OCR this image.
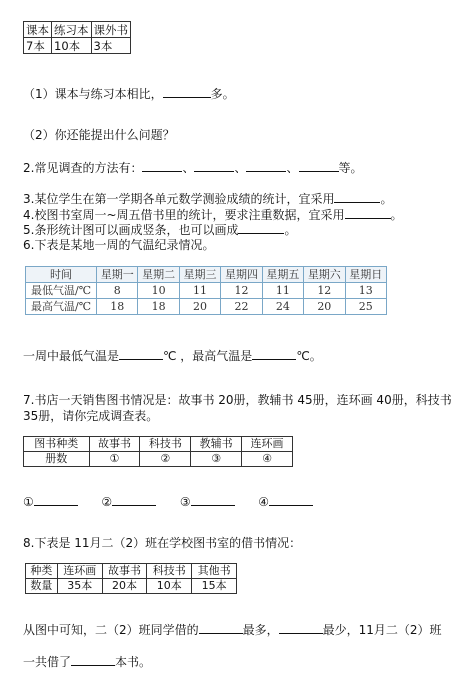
课本	练习本	课外书
7本	10本	3本
（1）课本与练习本相比，	多。
（2）你还能提出什么问题？
2.常见调查的方法有：	、	、	、	等。
3.某位学生在第一学期各单元数学测验成绩的统计，宜采用	。
4.校图书室周一~周五借书里的统计，要求注重数据，宜采用	。
5.条形统计图可以画成竖条，也可以画成	。
6.下表是某地一周的气温纪录情况。
时间	星期一	星期二	星期三	星期四	星期五	星期六	星期日
最低气温/℃	8	10	11	12	11	12	13
最高气温/℃	18	18	20	22	24	20	25
一周中最低气温是	℃ ，最高气温是	℃。
7.书店一天销售图书情况是：故事书 20册，教辅书 45册，连环画 40册，科技书
35册，请你完成调查表。
图书种类	故事书	科技书	教辅书	连环画
册数	①	②	③	④
①	②	③	④
8.下表是 11月二（2）班在学校图书室的借书情况：
种类	连环画	故事书	科技书	其他书
数量	35本	20本	10本	15本
从图中可知，二（2）班同学借的	最多，	最少，11月二（2）班
一共借了	本书。
